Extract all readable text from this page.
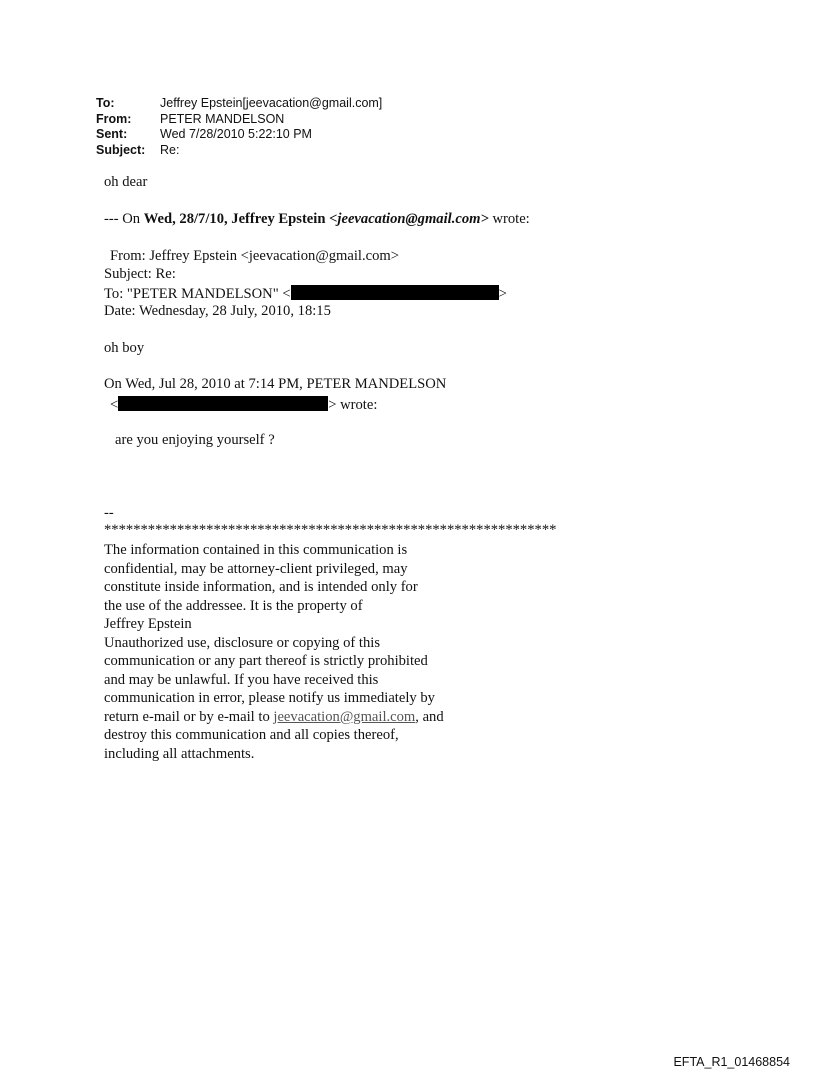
To:	Jeffrey Epstein[jeevacation@gmail.com]
From:	PETER MANDELSON
Sent:	Wed 7/28/2010 5:22:10 PM
Subject:	Re:
oh dear
--- On Wed, 28/7/10, Jeffrey Epstein <jeevacation@gmail.com> wrote:
From: Jeffrey Epstein <jeevacation@gmail.com>
Subject: Re:
To: "PETER MANDELSON" <	>
Date: Wednesday, 28 July, 2010, 18:15
oh boy
On Wed, Jul 28, 2010 at 7:14 PM, PETER MANDELSON
<	> wrote:
are you enjoying yourself ?
--
**************************************************************
The information contained in this communication is
confidential, may be attorney-client privileged, may
constitute inside information, and is intended only for
the use of the addressee. It is the property of
Jeffrey Epstein
Unauthorized use, disclosure or copying of this
communication or any part thereof is strictly prohibited
and may be unlawful. If you have received this
communication in error, please notify us immediately by
return e-mail or by e-mail to jeevacation@gmail.com, and
destroy this communication and all copies thereof,
including all attachments.
EFTA_R1_01468854
